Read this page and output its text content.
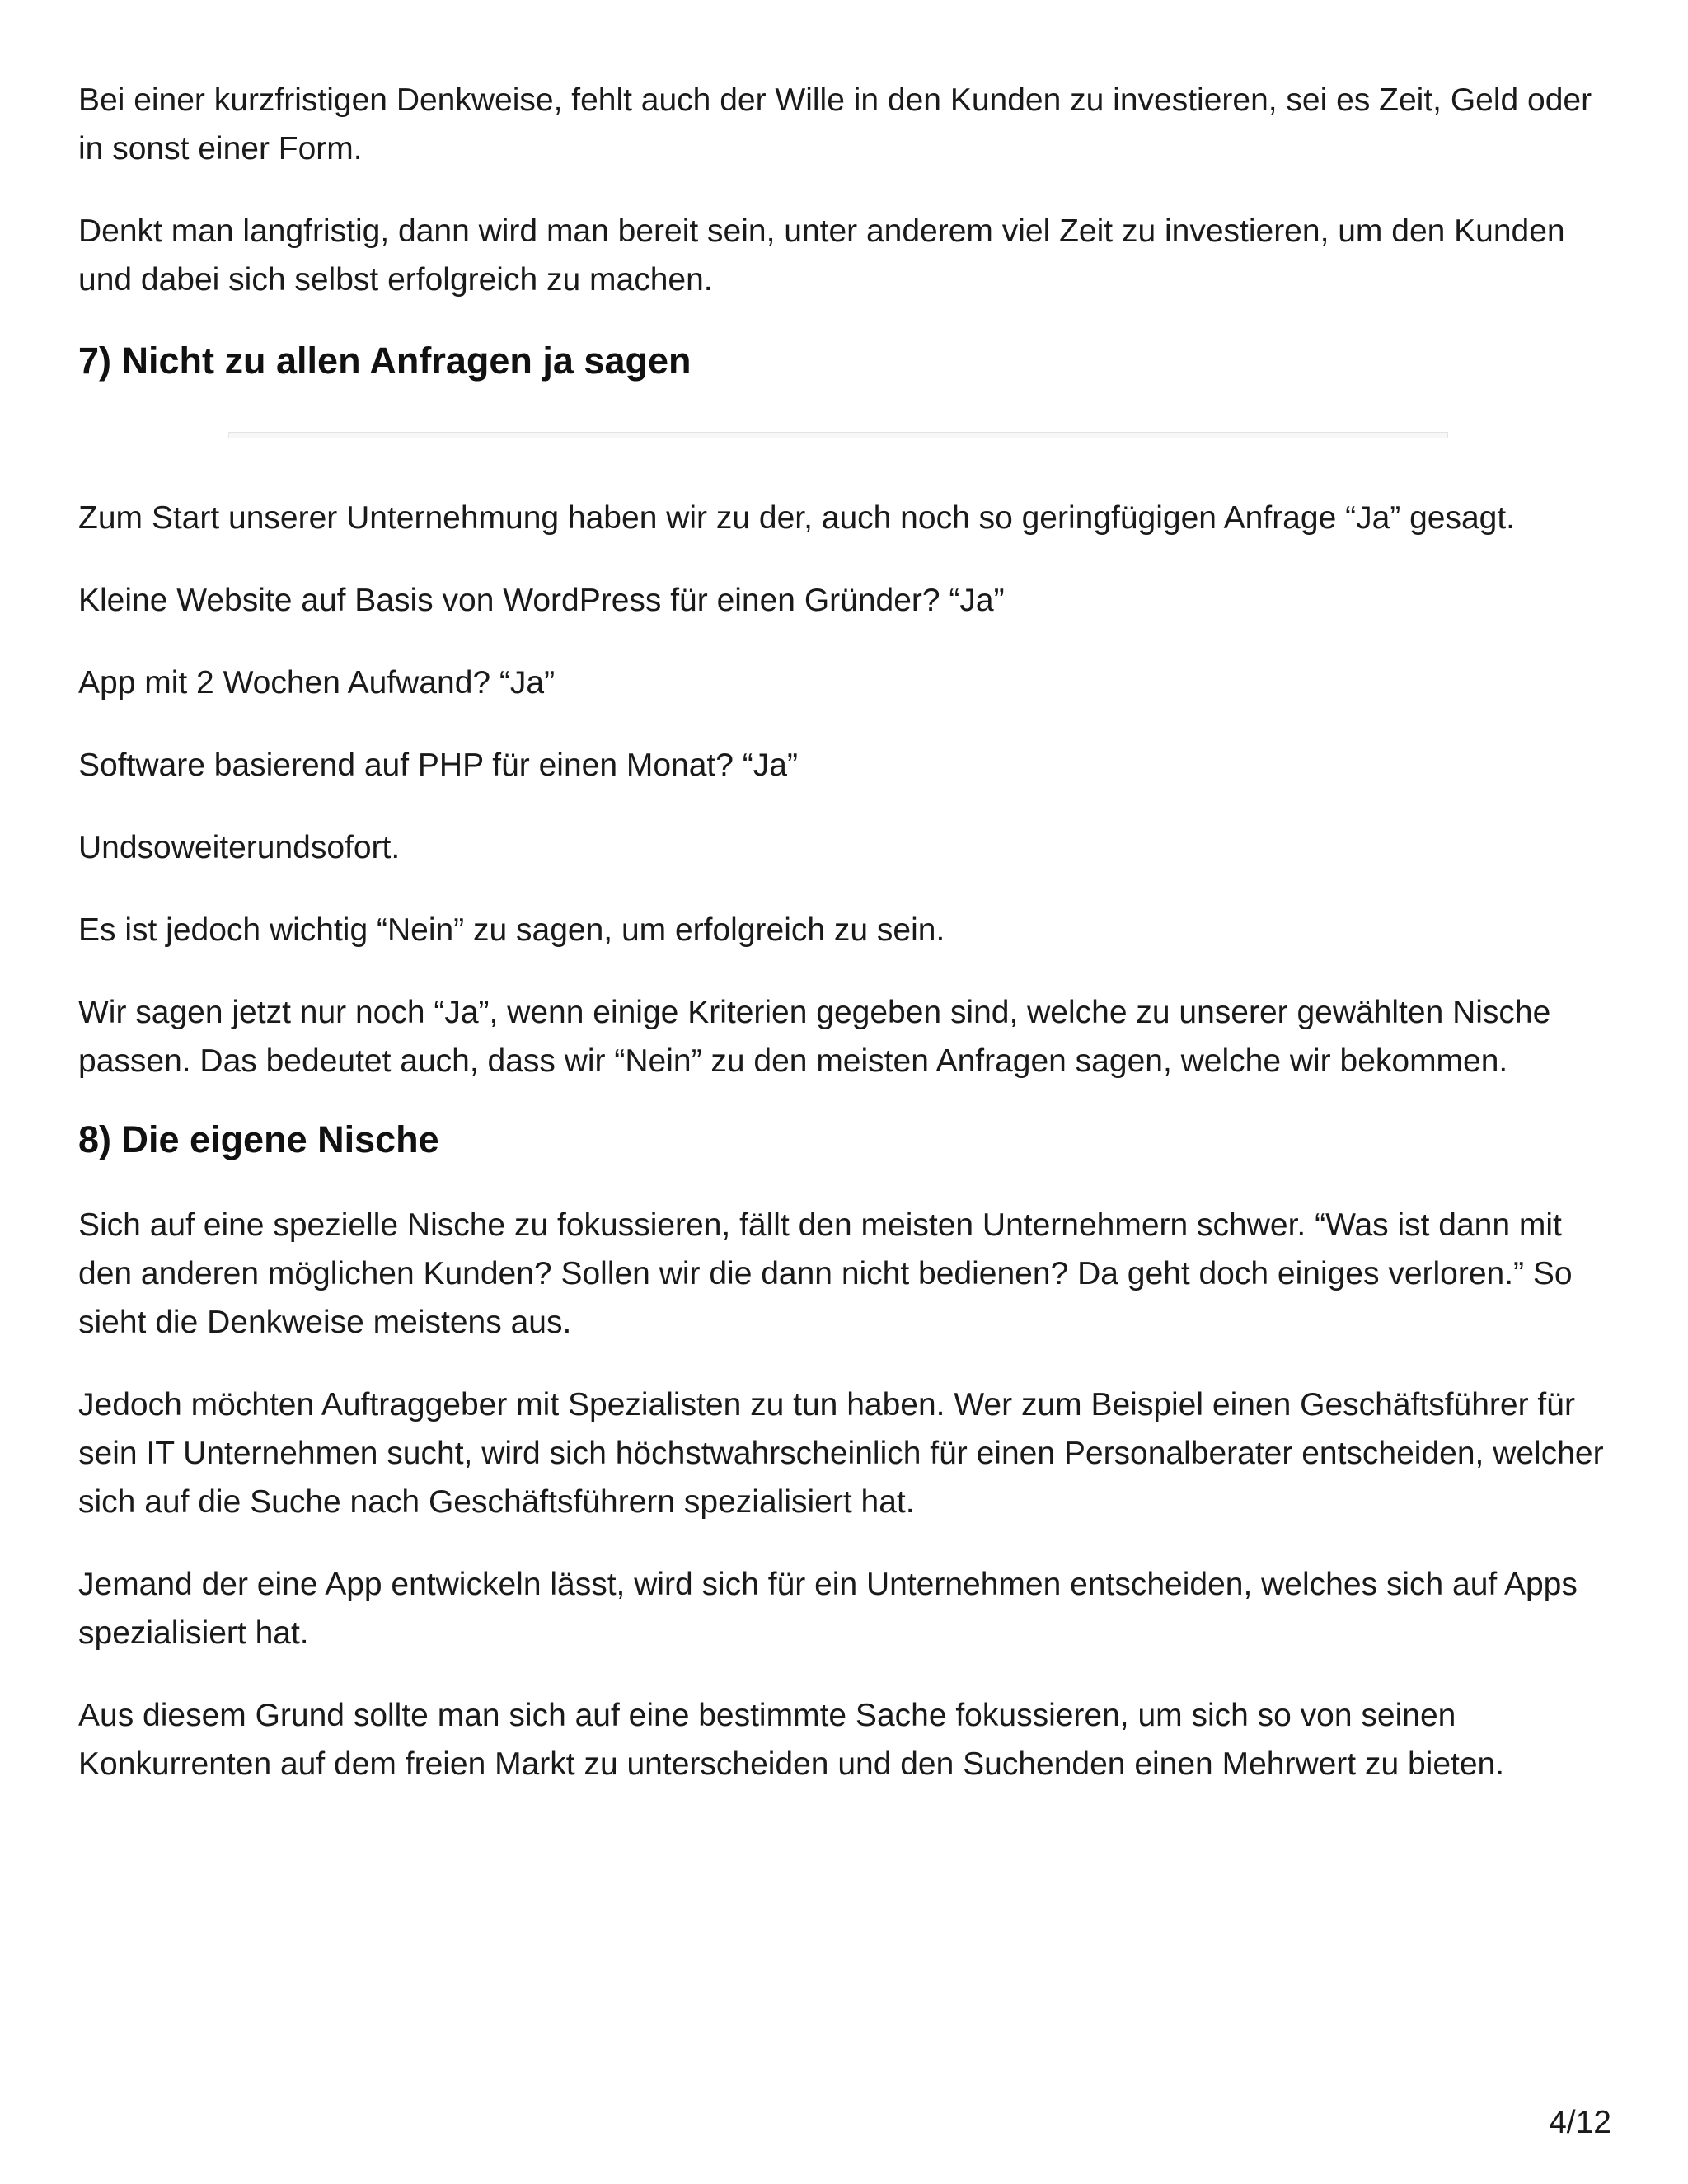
Bei einer kurzfristigen Denkweise, fehlt auch der Wille in den Kunden zu investieren, sei es Zeit, Geld oder in sonst einer Form.

Denkt man langfristig, dann wird man bereit sein, unter anderem viel Zeit zu investieren, um den Kunden und dabei sich selbst erfolgreich zu machen.

7) Nicht zu allen Anfragen ja sagen

Zum Start unserer Unternehmung haben wir zu der, auch noch so geringfügigen Anfrage “Ja” gesagt.

Kleine Website auf Basis von WordPress für einen Gründer? “Ja”

App mit 2 Wochen Aufwand? “Ja”

Software basierend auf PHP für einen Monat? “Ja”

Undsoweiterundsofort.

Es ist jedoch wichtig “Nein” zu sagen, um erfolgreich zu sein.

Wir sagen jetzt nur noch “Ja”, wenn einige Kriterien gegeben sind, welche zu unserer gewählten Nische passen. Das bedeutet auch, dass wir “Nein” zu den meisten Anfragen sagen, welche wir bekommen.

8) Die eigene Nische

Sich auf eine spezielle Nische zu fokussieren, fällt den meisten Unternehmern schwer. “Was ist dann mit den anderen möglichen Kunden? Sollen wir die dann nicht bedienen? Da geht doch einiges verloren.” So sieht die Denkweise meistens aus.

Jedoch möchten Auftraggeber mit Spezialisten zu tun haben. Wer zum Beispiel einen Geschäftsführer für sein IT Unternehmen sucht, wird sich höchstwahrscheinlich für einen Personalberater entscheiden, welcher sich auf die Suche nach Geschäftsführern spezialisiert hat.

Jemand der eine App entwickeln lässt, wird sich für ein Unternehmen entscheiden, welches sich auf Apps spezialisiert hat.

Aus diesem Grund sollte man sich auf eine bestimmte Sache fokussieren, um sich so von seinen Konkurrenten auf dem freien Markt zu unterscheiden und den Suchenden einen Mehrwert zu bieten.

4/12
